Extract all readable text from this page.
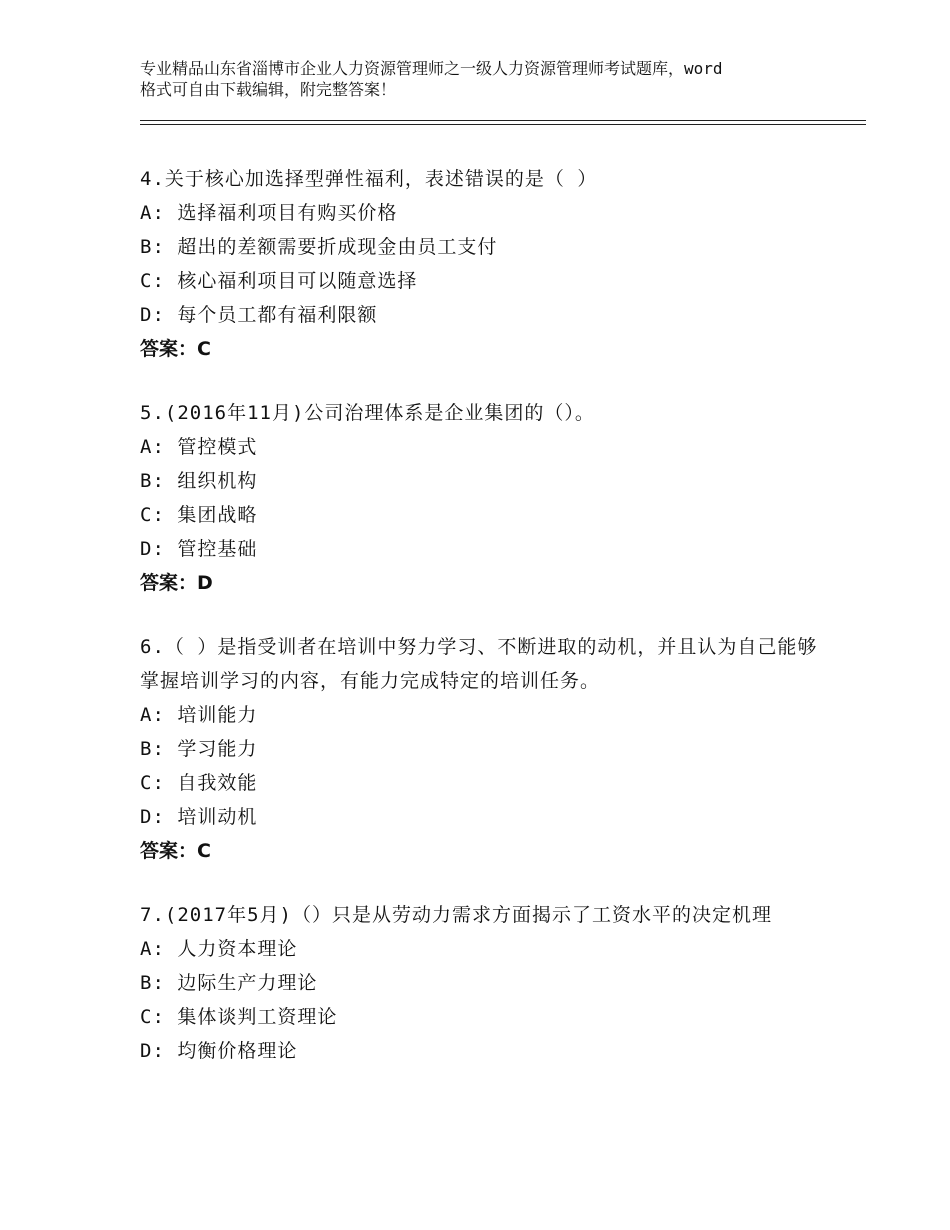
专业精品山东省淄博市企业人力资源管理师之一级人力资源管理师考试题库，word
格式可自由下载编辑，附完整答案！
4.关于核心加选择型弹性福利，表述错误的是（ ）
A: 选择福利项目有购买价格
B: 超出的差额需要折成现金由员工支付
C: 核心福利项目可以随意选择
D: 每个员工都有福利限额
答案：C
5.(2016年11月)公司治理体系是企业集团的（）。
A: 管控模式
B: 组织机构
C: 集团战略
D: 管控基础
答案：D
6.（ ）是指受训者在培训中努力学习、不断进取的动机，并且认为自己能够掌握培训学习的内容，有能力完成特定的培训任务。
A: 培训能力
B: 学习能力
C: 自我效能
D: 培训动机
答案：C
7.(2017年5月)（）只是从劳动力需求方面揭示了工资水平的决定机理
A: 人力资本理论
B: 边际生产力理论
C: 集体谈判工资理论
D: 均衡价格理论
